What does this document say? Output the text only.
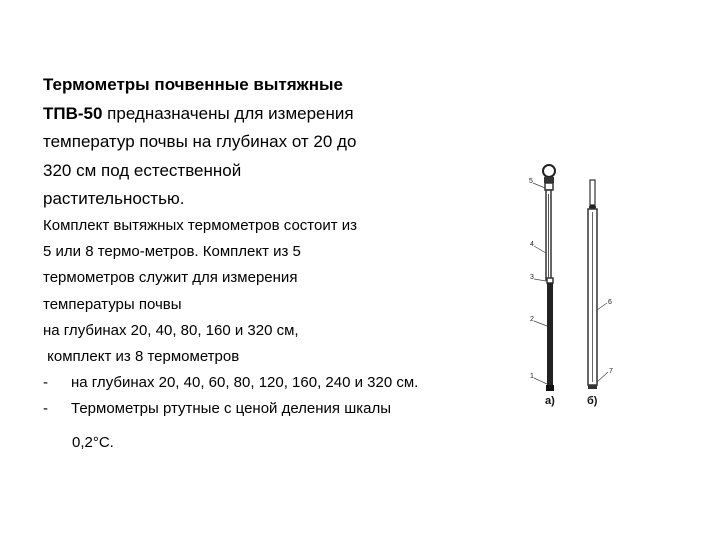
Термометры почвенные вытяжные
ТПВ-50 предназначены для измерения
температур почвы на глубинах от 20 до
320 см под естественной
растительностью.
Комплект вытяжных термометров состоит из
5 или 8 термо-метров. Комплект из 5
термометров служит для измерения
температуры почвы
на глубинах 20, 40, 80, 160 и 320 см,
комплект из 8 термометров
- на глубинах 20, 40, 60, 80, 120, 160, 240 и 320 см.
- Термометры ртутные с ценой деления шкалы
0,2°С.
5
4
3
2
1
6
7
а)	б)
